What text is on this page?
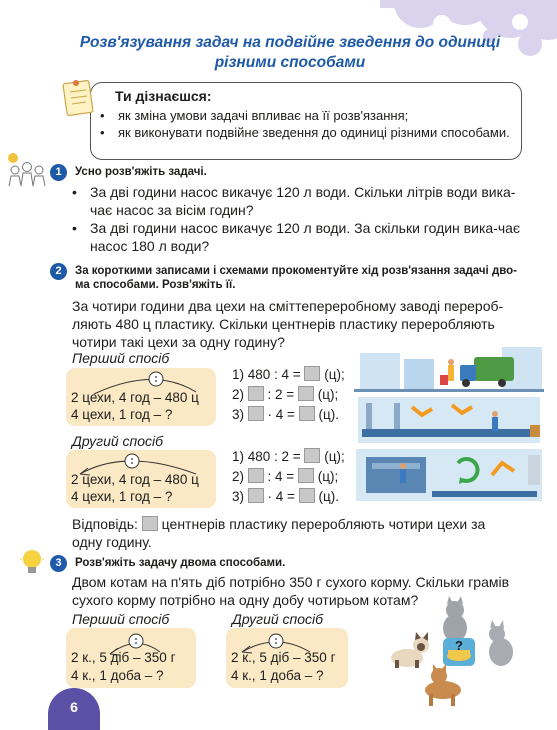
Розв'язування задач на подвійне зведення до одиниці
різними способами
Ти дізнаєшся:
•	як зміна умови задачі впливає на її розв'язання;
•	як виконувати подвійне зведення до одиниці різними способами.
1	Усно розв'яжіть задачі.
• За дві години насос викачує 120 л води. Скільки літрів води вика-чає насос за вісім годин?
• За дві години насос викачує 120 л води. За скільки годин вика-чає насос 180 л води?
2	За короткими записами і схемами прокоментуйте хід розв'язання задачі дво-ма способами. Розв'яжіть її.
За чотири години два цехи на сміттепереробному заводі перероб-ляють 480 ц пластику. Скільки центнерів пластику переробляють чотири такі цехи за одну годину?
Перший спосіб
2 цехи, 4 год – 480 ц
4 цехи, 1 год – ?
1) 480 : 4 = (ц);
2) : 2 = (ц);
3) · 4 = (ц).
Другий спосіб
2 цехи, 4 год – 480 ц
4 цехи, 1 год – ?
1) 480 : 2 = (ц);
2) : 4 = (ц);
3) · 4 = (ц).
Відповідь: центнерів пластику переробляють чотири цехи за
одну годину.
3	Розв'яжіть задачу двома способами.
Двом котам на п'ять діб потрібно 350 г сухого корму. Скільки грамів сухого корму потрібно на одну добу чотирьом котам?
Перший спосіб
2 к., 5 діб – 350 г
4 к., 1 доба – ?
Другий спосіб
2 к., 5 діб – 350 г
4 к., 1 доба – ?
?
6
